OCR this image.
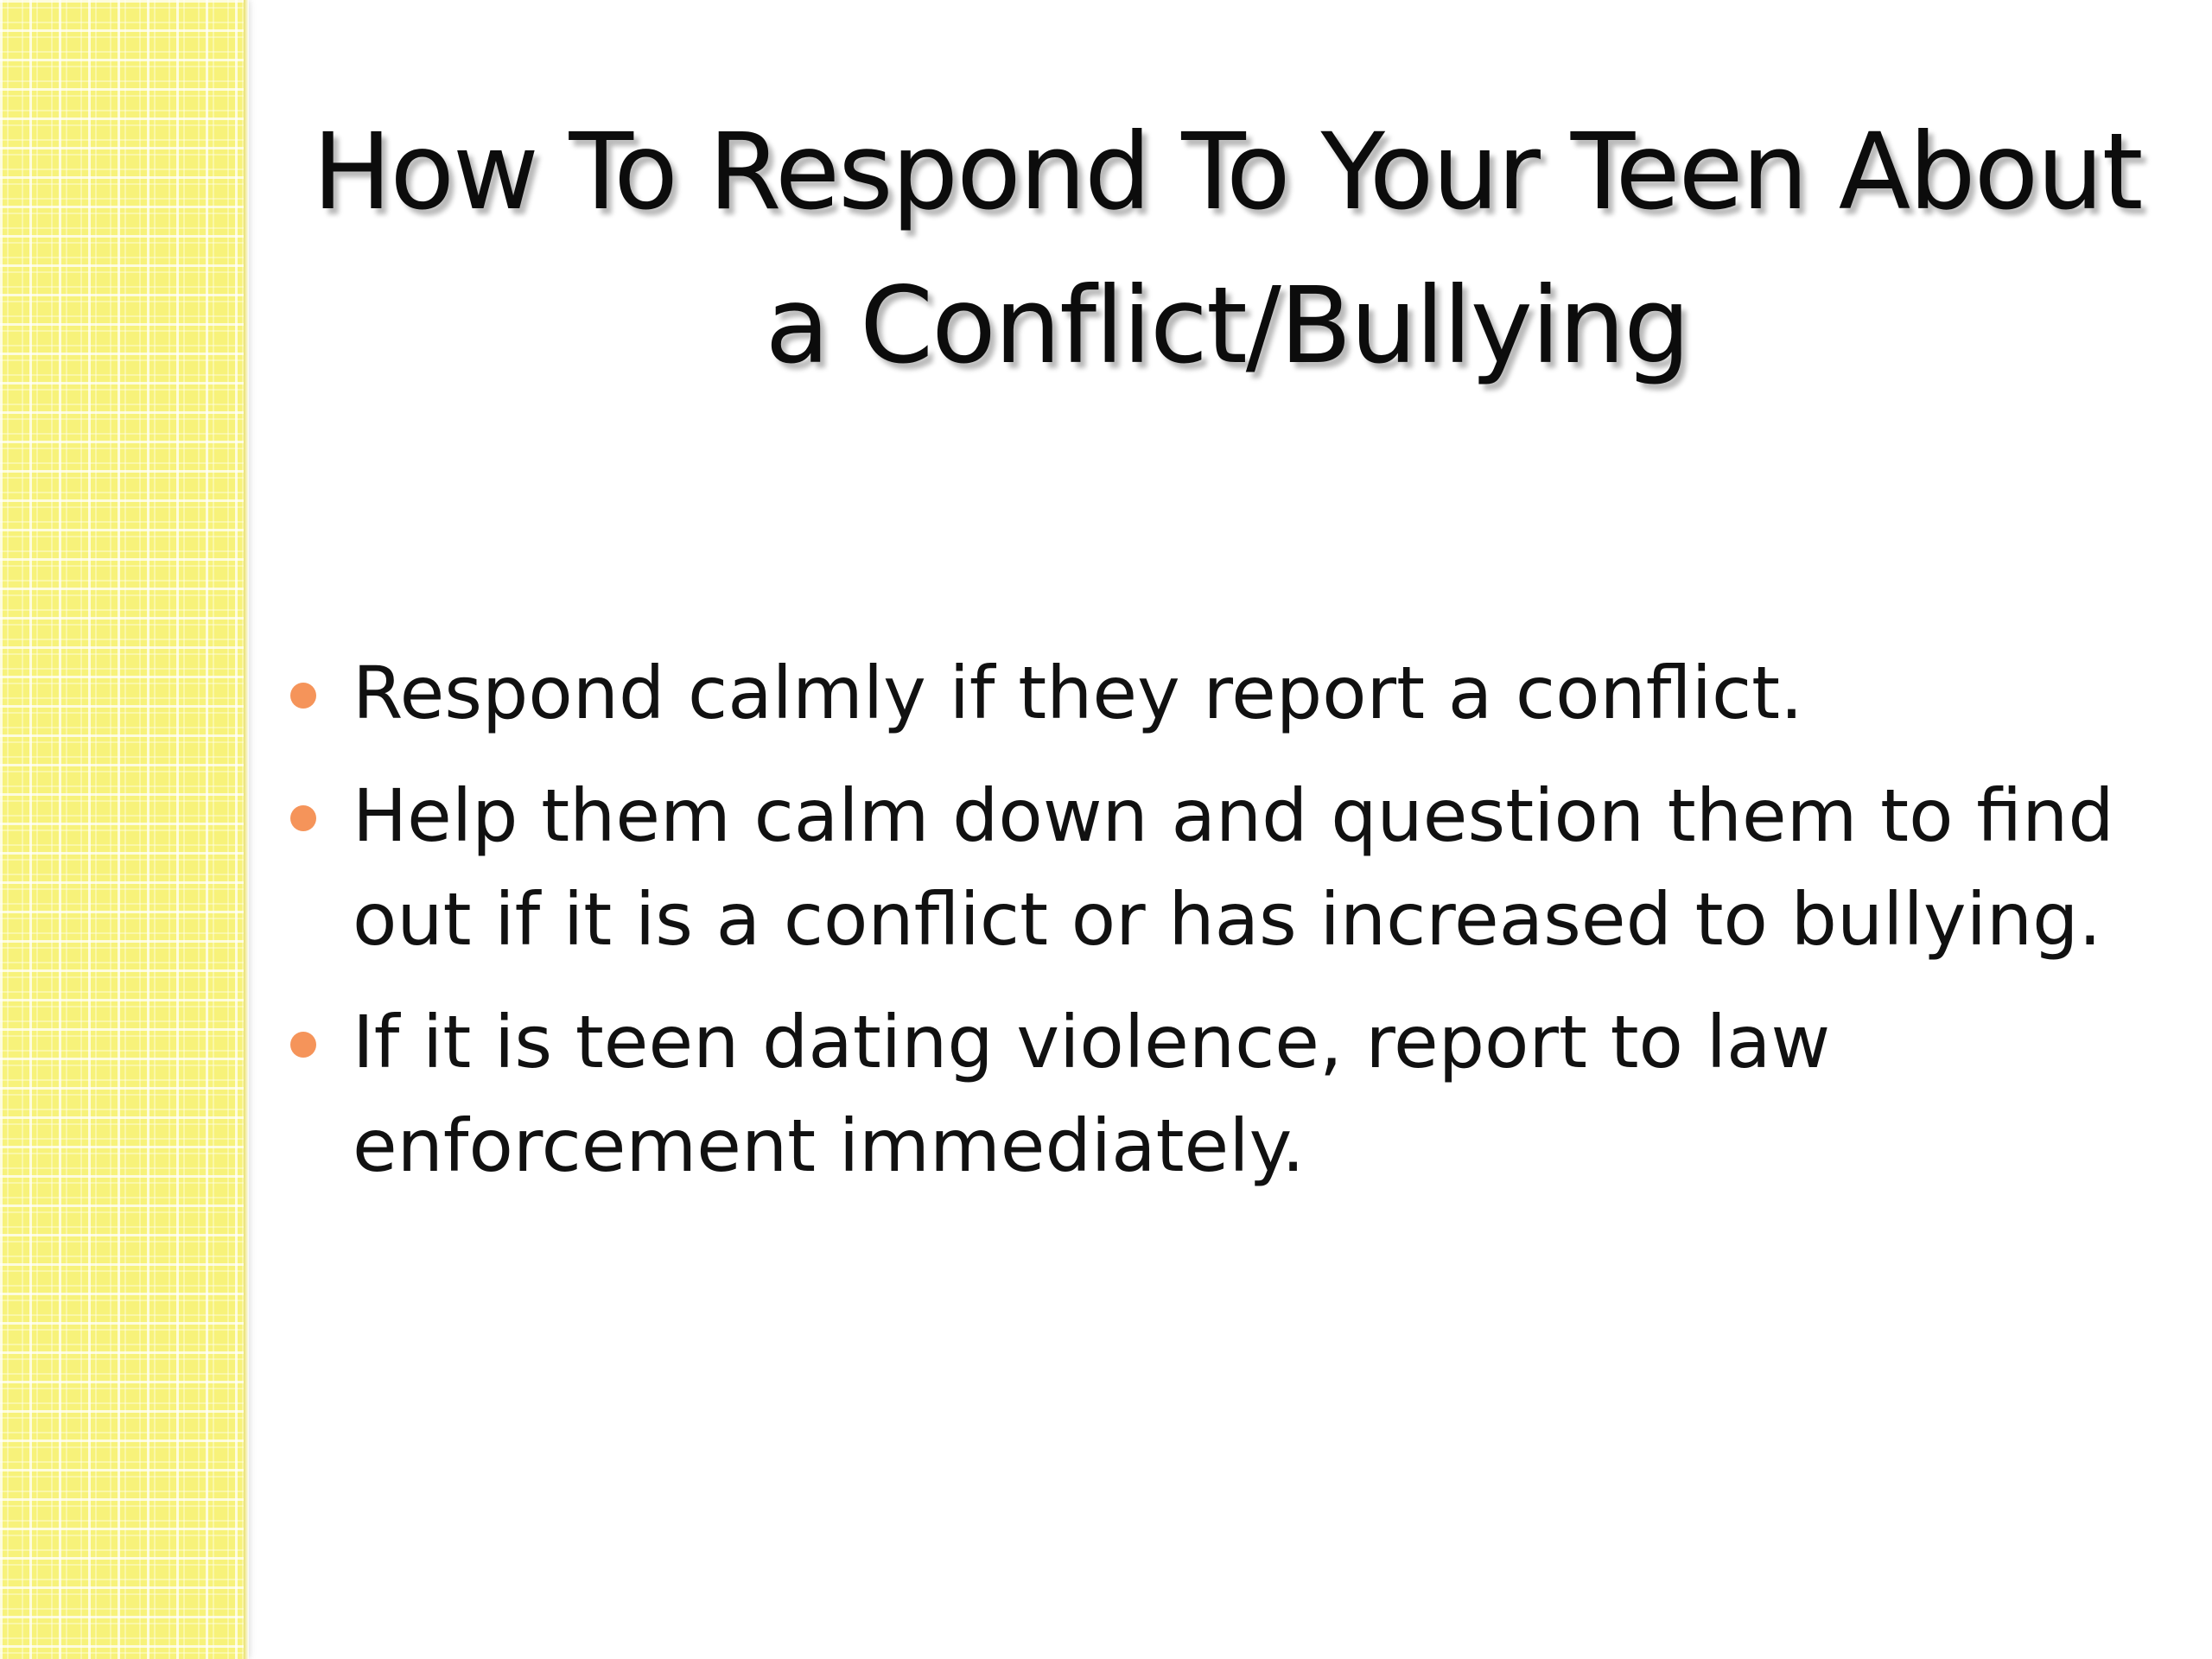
How To Respond To Your Teen About
a Conflict/Bullying
Respond calmly if they report a conflict.
Help them calm down and question them to find out if it is a conflict or has increased to bullying.
If it is teen dating violence, report to law enforcement immediately.
